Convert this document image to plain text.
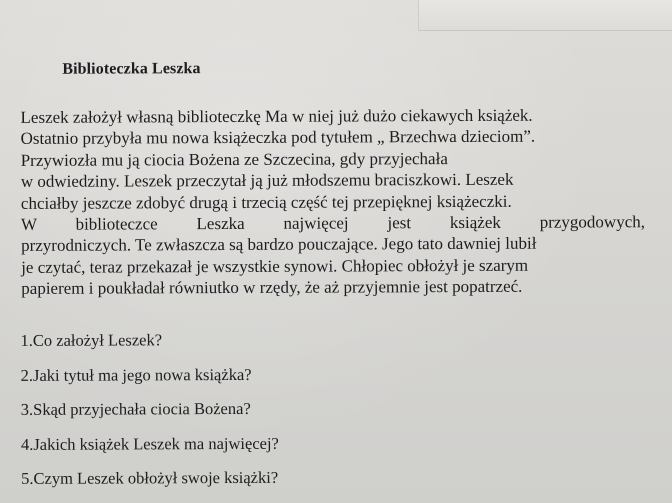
Biblioteczka Leszka
Leszek założył własną biblioteczkę Ma w niej już dużo ciekawych książek.
Ostatnio przybyła mu nowa książeczka pod tytułem „ Brzechwa dzieciom”.
Przywiozła mu ją ciocia Bożena ze Szczecina, gdy przyjechała
w odwiedziny. Leszek przeczytał ją już młodszemu braciszkowi. Leszek
chciałby jeszcze zdobyć drugą i trzecią część tej przepięknej książeczki.
W biblioteczce Leszka najwięcej jest książek przygodowych,
przyrodniczych. Te zwłaszcza są bardzo pouczające. Jego tato dawniej lubił
je czytać, teraz przekazał je wszystkie synowi. Chłopiec obłożył je szarym
papierem i poukładał równiutko w rzędy, że aż przyjemnie jest popatrzeć.
1.Co założył Leszek?
2.Jaki tytuł ma jego nowa książka?
3.Skąd przyjechała ciocia Bożena?
4.Jakich książek Leszek ma najwięcej?
5.Czym Leszek obłożył swoje książki?
